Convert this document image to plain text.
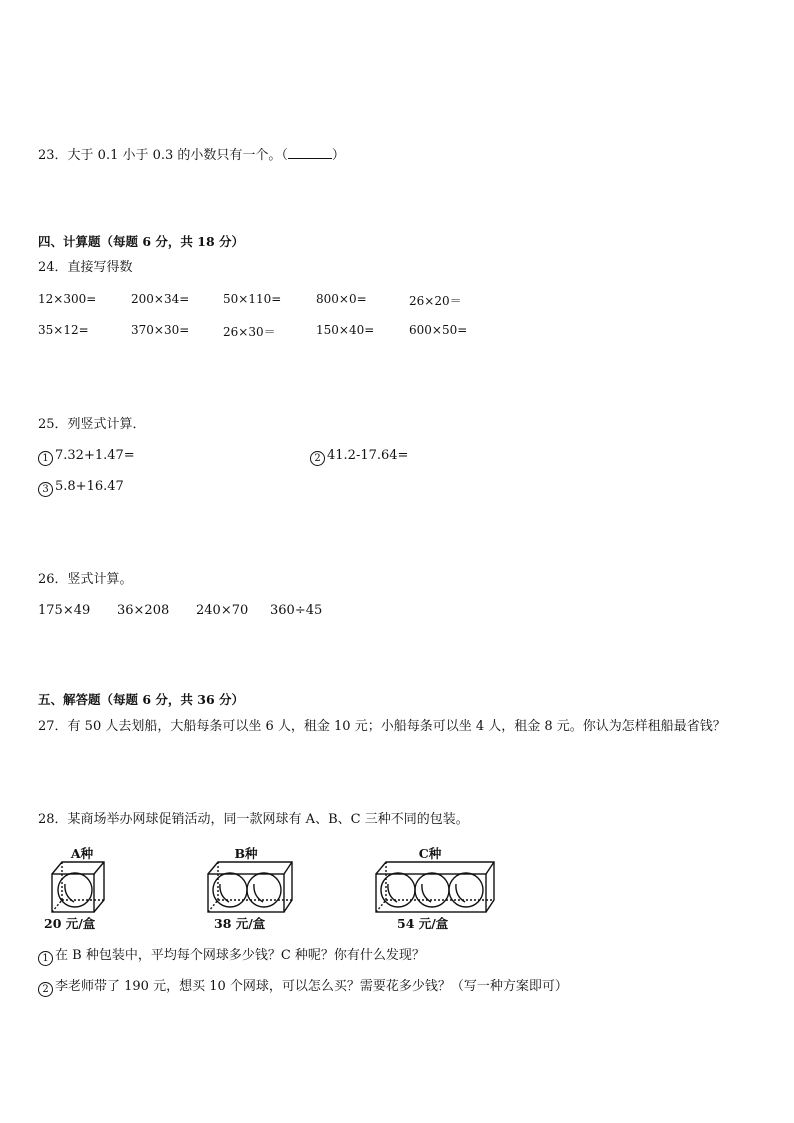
23．大于 0.1 小于 0.3 的小数只有一个。（	）
四、计算题（每题 6 分，共 18 分）
24．直接写得数
12×300=	200×34=	50×110=	800×0=	26×20＝
35×12=	370×30=	26×30＝	150×40=	600×50=
25．列竖式计算．
1 7.32+1.47=	2 41.2-17.64=
3 5.8+16.47
26．竖式计算。
175×49 36×208 240×70 360÷45
五、解答题（每题 6 分，共 36 分）
27．有 50 人去划船，大船每条可以坐 6 人，租金 10 元；小船每条可以坐 4 人，租金 8 元。你认为怎样租船最省钱？
28．某商场举办网球促销活动，同一款网球有 A、B、C 三种不同的包装。
A种
20 元/盒
B种
38 元/盒
C种
54 元/盒
1 在 B 种包装中，平均每个网球多少钱？C 种呢？你有什么发现？
2 李老师带了 190 元，想买 10 个网球，可以怎么买？需要花多少钱？（写一种方案即可）
